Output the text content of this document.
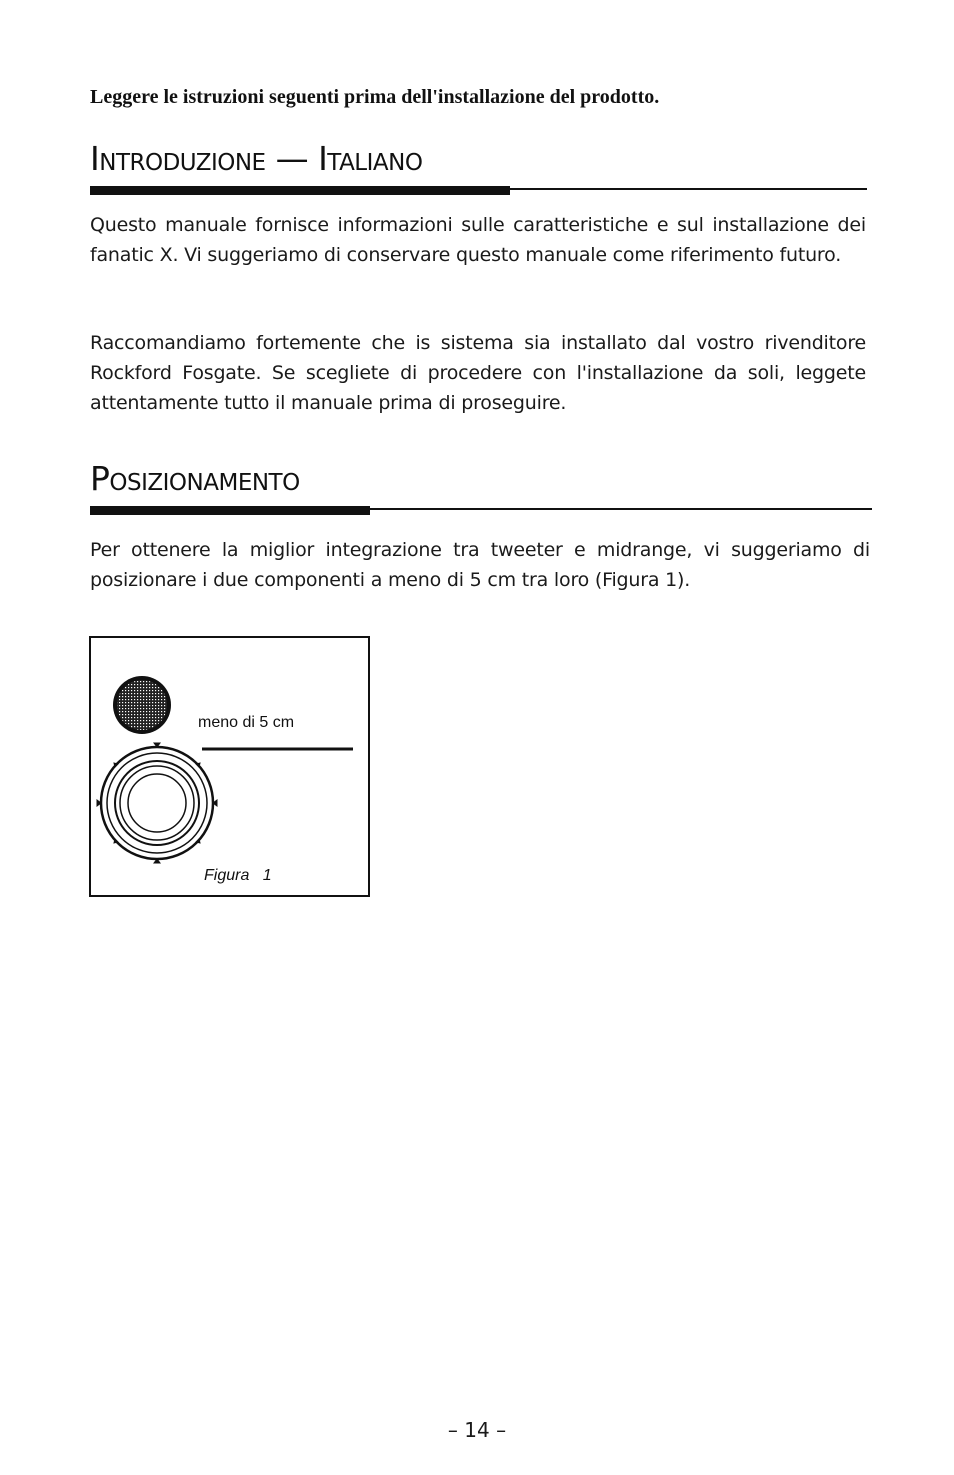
Leggere le istruzioni seguenti prima dell'installazione del prodotto.
Introduzione — Italiano

Questo manuale fornisce informazioni sulle caratteristiche e sul installazione dei fanatic X. Vi suggeriamo di conservare questo manuale come riferimento futuro.

Raccomandiamo fortemente che is sistema sia installato dal vostro rivenditore Rockford Fosgate. Se scegliete di procedere con l'installazione da soli, leggete attentamente tutto il manuale prima di proseguire.

Posizionamento

Per ottenere la miglior integrazione tra tweeter e midrange, vi suggeriamo di posizionare i due componenti a meno di 5 cm tra loro (Figura 1).

meno di 5 cm
Figura   1
– 14 –
